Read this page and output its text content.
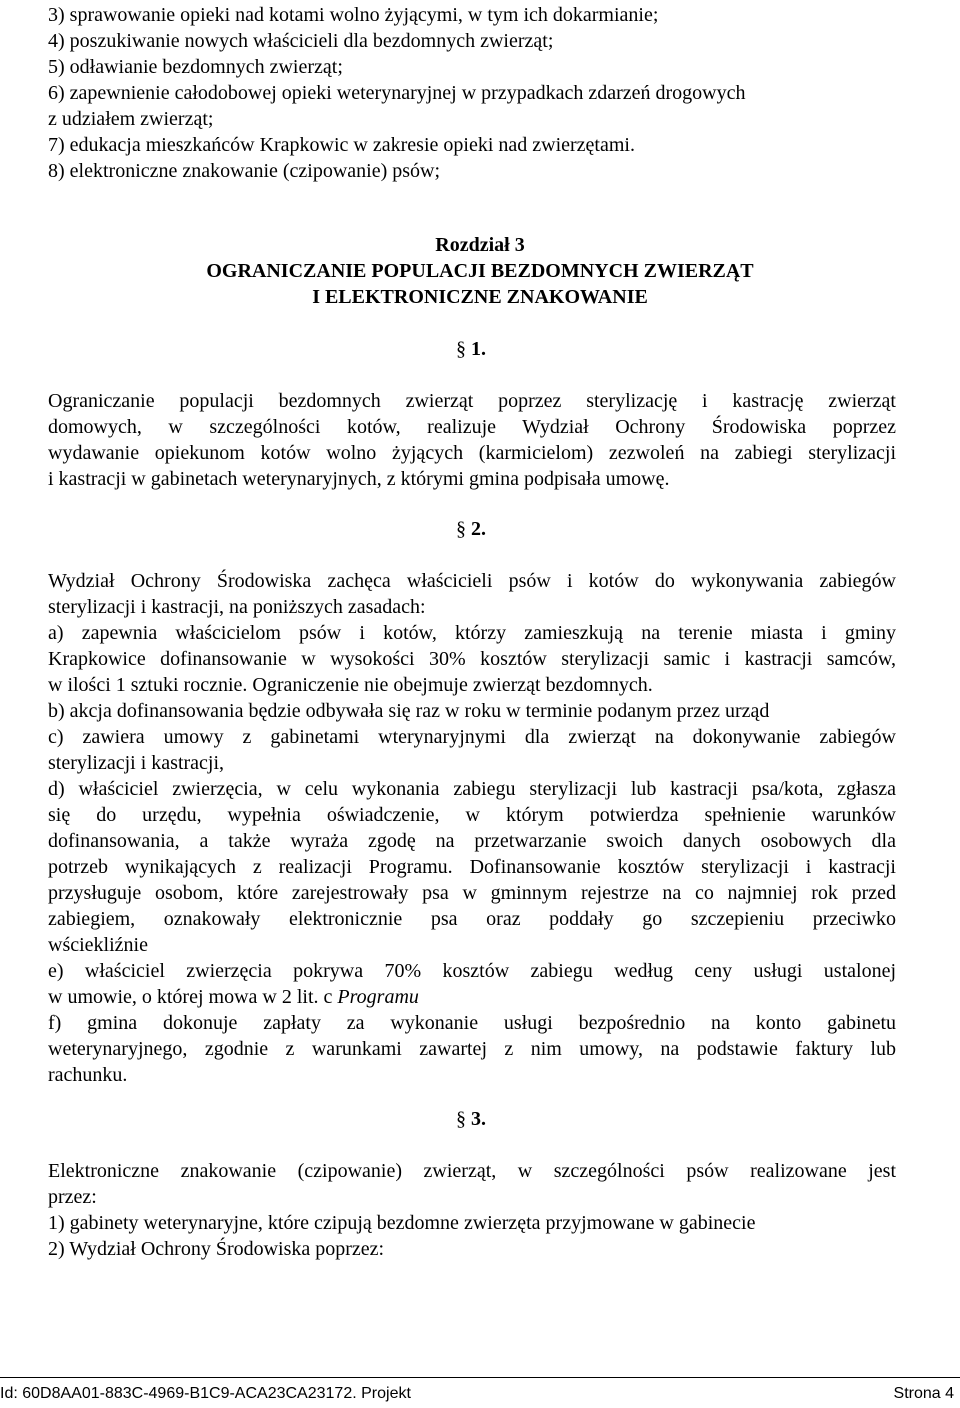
3) sprawowanie opieki nad kotami wolno żyjącymi, w tym ich dokarmianie;
4) poszukiwanie nowych właścicieli dla bezdomnych zwierząt;
5) odławianie bezdomnych zwierząt;
6) zapewnienie całodobowej opieki weterynaryjnej w przypadkach zdarzeń drogowych
z udziałem zwierząt;
7) edukacja mieszkańców Krapkowic w zakresie opieki nad zwierzętami.
8) elektroniczne znakowanie (czipowanie) psów;
Rozdział 3
OGRANICZANIE POPULACJI BEZDOMNYCH ZWIERZĄT
I ELEKTRONICZNE ZNAKOWANIE
§ 1.
Ograniczanie populacji bezdomnych zwierząt poprzez sterylizację i kastrację zwierząt
domowych, w szczególności kotów, realizuje Wydział Ochrony Środowiska poprzez
wydawanie opiekunom kotów wolno żyjących (karmicielom) zezwoleń na zabiegi sterylizacji
i kastracji w gabinetach weterynaryjnych, z którymi gmina podpisała umowę.
§ 2.
Wydział Ochrony Środowiska zachęca właścicieli psów i kotów do wykonywania zabiegów
sterylizacji i kastracji, na poniższych zasadach:
a) zapewnia właścicielom psów i kotów, którzy zamieszkują na terenie miasta i gminy
Krapkowice dofinansowanie w wysokości 30% kosztów sterylizacji samic i kastracji samców,
w ilości 1 sztuki rocznie. Ograniczenie nie obejmuje zwierząt bezdomnych.
b) akcja dofinansowania będzie odbywała się raz w roku w terminie podanym przez urząd
c) zawiera umowy z gabinetami wterynaryjnymi dla zwierząt na dokonywanie zabiegów
sterylizacji i kastracji,
d) właściciel zwierzęcia, w celu wykonania zabiegu sterylizacji lub kastracji psa/kota, zgłasza
się do urzędu, wypełnia oświadczenie, w którym potwierdza spełnienie warunków
dofinansowania, a także wyraża zgodę na przetwarzanie swoich danych osobowych dla
potrzeb wynikających z realizacji Programu. Dofinansowanie kosztów sterylizacji i kastracji
przysługuje osobom, które zarejestrowały psa w gminnym rejestrze na co najmniej rok przed
zabiegiem, oznakowały elektronicznie psa oraz poddały go szczepieniu przeciwko
wściekliźnie
e) właściciel zwierzęcia pokrywa 70% kosztów zabiegu według ceny usługi ustalonej
w umowie, o której mowa w 2 lit. c Programu
f) gmina dokonuje zapłaty za wykonanie usługi bezpośrednio na konto gabinetu
weterynaryjnego, zgodnie z warunkami zawartej z nim umowy, na podstawie faktury lub
rachunku.
§ 3.
Elektroniczne znakowanie (czipowanie) zwierząt, w szczególności psów realizowane jest
przez:
1) gabinety weterynaryjne, które czipują bezdomne zwierzęta przyjmowane w gabinecie
2) Wydział Ochrony Środowiska poprzez:
Id: 60D8AA01-883C-4969-B1C9-ACA23CA23172. Projekt	Strona 4
